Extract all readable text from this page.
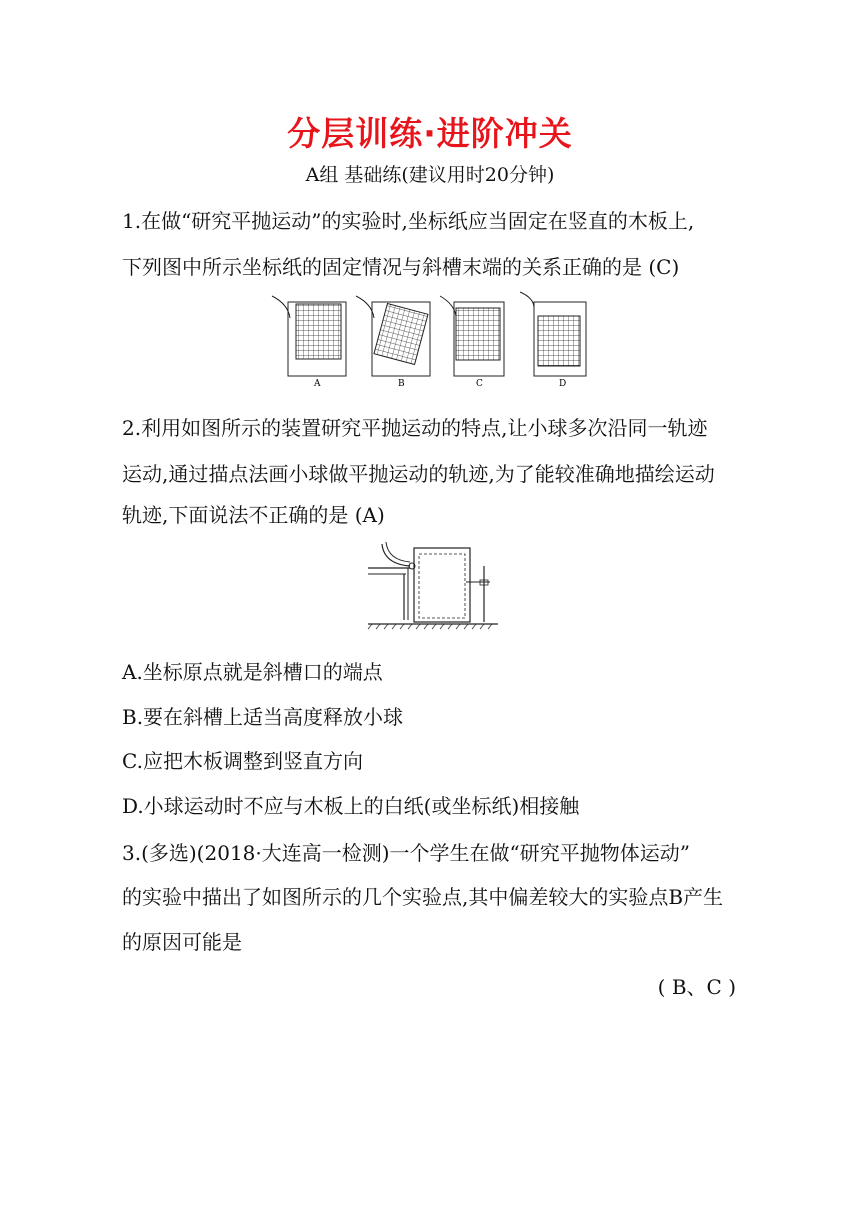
分层训练·进阶冲关
A组 基础练(建议用时20分钟)
1.在做“研究平抛运动”的实验时,坐标纸应当固定在竖直的木板上,
下列图中所示坐标纸的固定情况与斜槽末端的关系正确的是 (C)
A	B	C	D
2.利用如图所示的装置研究平抛运动的特点,让小球多次沿同一轨迹
运动,通过描点法画小球做平抛运动的轨迹,为了能较准确地描绘运动
轨迹,下面说法不正确的是 (A)
A.坐标原点就是斜槽口的端点
B.要在斜槽上适当高度释放小球
C.应把木板调整到竖直方向
D.小球运动时不应与木板上的白纸(或坐标纸)相接触
3.(多选)(2018·大连高一检测)一个学生在做“研究平抛物体运动”
的实验中描出了如图所示的几个实验点,其中偏差较大的实验点B产生
的原因可能是
( B、C )
